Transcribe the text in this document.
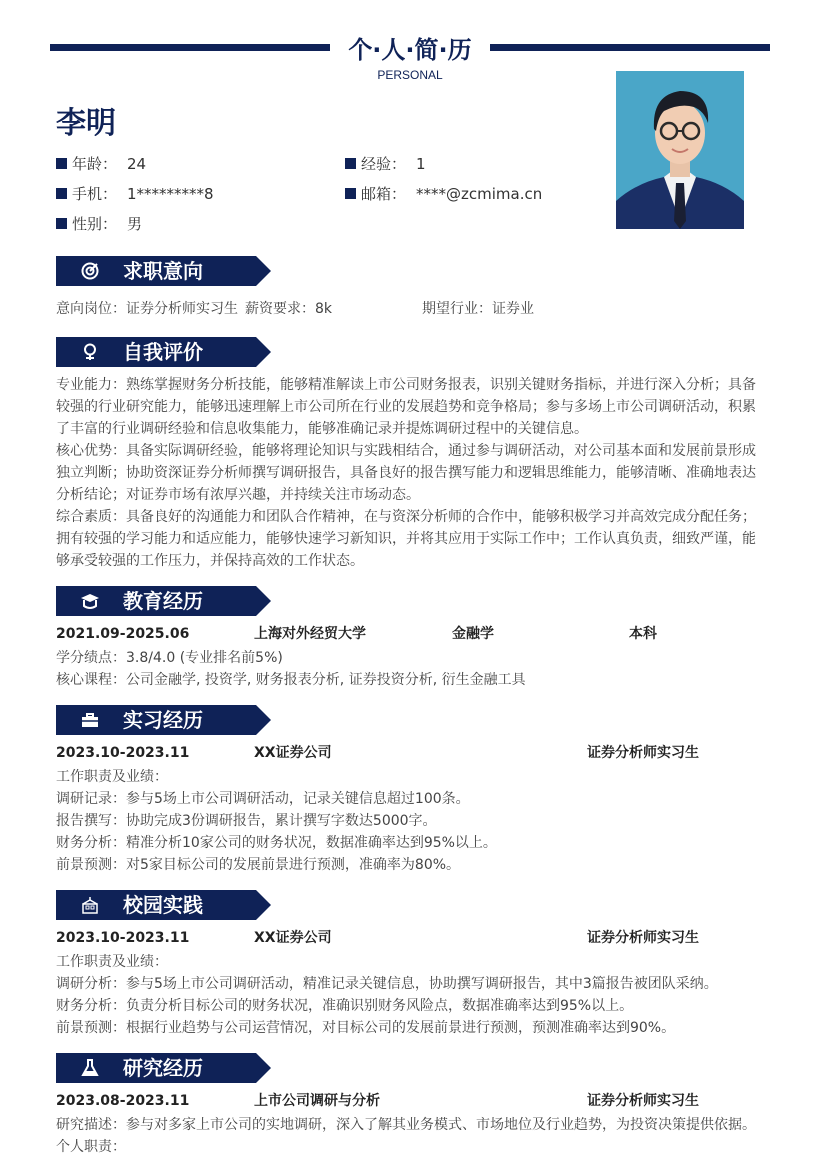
个·人·简·历
PERSONAL
李明
年龄： 24	经验： 1
手机： 1*********8	邮箱： ****@zcmima.cn
性别： 男
求职意向
意向岗位：证券分析师实习生 薪资要求：8k	期望行业：证券业
自我评价
专业能力：熟练掌握财务分析技能，能够精准解读上市公司财务报表，识别关键财务指标，并进行深入分析；具备
较强的行业研究能力，能够迅速理解上市公司所在行业的发展趋势和竞争格局；参与多场上市公司调研活动，积累
了丰富的行业调研经验和信息收集能力，能够准确记录并提炼调研过程中的关键信息。
核心优势：具备实际调研经验，能够将理论知识与实践相结合，通过参与调研活动，对公司基本面和发展前景形成
独立判断；协助资深证券分析师撰写调研报告，具备良好的报告撰写能力和逻辑思维能力，能够清晰、准确地表达
分析结论；对证券市场有浓厚兴趣，并持续关注市场动态。
综合素质：具备良好的沟通能力和团队合作精神，在与资深分析师的合作中，能够积极学习并高效完成分配任务；
拥有较强的学习能力和适应能力，能够快速学习新知识，并将其应用于实际工作中；工作认真负责，细致严谨，能
够承受较强的工作压力，并保持高效的工作状态。
教育经历
2021.09-2025.06	上海对外经贸大学	金融学	本科
学分绩点：3.8/4.0 (专业排名前5%)
核心课程：公司金融学, 投资学, 财务报表分析, 证券投资分析, 衍生金融工具
实习经历
2023.10-2023.11	XX证券公司	证券分析师实习生
工作职责及业绩：
调研记录：参与5场上市公司调研活动，记录关键信息超过100条。
报告撰写：协助完成3份调研报告，累计撰写字数达5000字。
财务分析：精准分析10家公司的财务状况，数据准确率达到95%以上。
前景预测：对5家目标公司的发展前景进行预测，准确率为80%。
校园实践
2023.10-2023.11	XX证券公司	证券分析师实习生
工作职责及业绩：
调研分析：参与5场上市公司调研活动，精准记录关键信息，协助撰写调研报告，其中3篇报告被团队采纳。
财务分析：负责分析目标公司的财务状况，准确识别财务风险点，数据准确率达到95%以上。
前景预测：根据行业趋势与公司运营情况，对目标公司的发展前景进行预测，预测准确率达到90%。
研究经历
2023.08-2023.11	上市公司调研与分析	证券分析师实习生
研究描述：参与对多家上市公司的实地调研，深入了解其业务模式、市场地位及行业趋势，为投资决策提供依据。
个人职责：
